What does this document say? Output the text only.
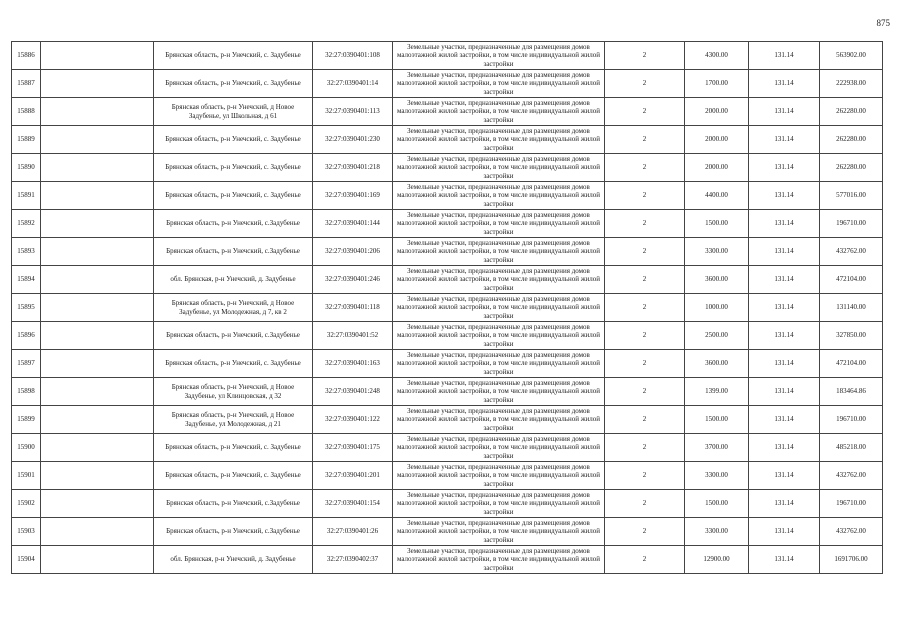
875
15886		Брянская область, р-н Унечский, с. Задубенье	32:27:0390401:108	Земельные участки, предназначенные для размещения домов малоэтажной жилой застройки, в том числе индивидуальной жилой застройки	2	4300.00	131.14	563902.00
15887		Брянская область, р-н Унечский, с. Задубенье	32:27:0390401:14	Земельные участки, предназначенные для размещения домов малоэтажной жилой застройки, в том числе индивидуальной жилой застройки	2	1700.00	131.14	222938.00
15888		Брянская область, р-н Унечский, д Новое Задубенье, ул Школьная, д 61	32:27:0390401:113	Земельные участки, предназначенные для размещения домов малоэтажной жилой застройки, в том числе индивидуальной жилой застройки	2	2000.00	131.14	262280.00
15889		Брянская область, р-н Унечский, с. Задубенье	32:27:0390401:230	Земельные участки, предназначенные для размещения домов малоэтажной жилой застройки, в том числе индивидуальной жилой застройки	2	2000.00	131.14	262280.00
15890		Брянская область, р-н Унечский, с. Задубенье	32:27:0390401:218	Земельные участки, предназначенные для размещения домов малоэтажной жилой застройки, в том числе индивидуальной жилой застройки	2	2000.00	131.14	262280.00
15891		Брянская область, р-н Унечский, с. Задубенье	32:27:0390401:169	Земельные участки, предназначенные для размещения домов малоэтажной жилой застройки, в том числе индивидуальной жилой застройки	2	4400.00	131.14	577016.00
15892		Брянская область, р-н Унечский, с.Задубенье	32:27:0390401:144	Земельные участки, предназначенные для размещения домов малоэтажной жилой застройки, в том числе индивидуальной жилой застройки	2	1500.00	131.14	196710.00
15893		Брянская область, р-н Унечский, с.Задубенье	32:27:0390401:206	Земельные участки, предназначенные для размещения домов малоэтажной жилой застройки, в том числе индивидуальной жилой застройки	2	3300.00	131.14	432762.00
15894		обл. Брянская, р-н Унечский, д. Задубенье	32:27:0390401:246	Земельные участки, предназначенные для размещения домов малоэтажной жилой застройки, в том числе индивидуальной жилой застройки	2	3600.00	131.14	472104.00
15895		Брянская область, р-н Унечский, д Новое Задубенье, ул Молодежная, д 7, кв 2	32:27:0390401:118	Земельные участки, предназначенные для размещения домов малоэтажной жилой застройки, в том числе индивидуальной жилой застройки	2	1000.00	131.14	131140.00
15896		Брянская область, р-н Унечский, с.Задубенье	32:27:0390401:52	Земельные участки, предназначенные для размещения домов малоэтажной жилой застройки, в том числе индивидуальной жилой застройки	2	2500.00	131.14	327850.00
15897		Брянская область, р-н Унечский, с. Задубенье	32:27:0390401:163	Земельные участки, предназначенные для размещения домов малоэтажной жилой застройки, в том числе индивидуальной жилой застройки	2	3600.00	131.14	472104.00
15898		Брянская область, р-н Унечский, д Новое Задубенье, ул Клинцовская, д 32	32:27:0390401:248	Земельные участки, предназначенные для размещения домов малоэтажной жилой застройки, в том числе индивидуальной жилой застройки	2	1399.00	131.14	183464.86
15899		Брянская область, р-н Унечский, д Новое Задубенье, ул Молодежная, д 21	32:27:0390401:122	Земельные участки, предназначенные для размещения домов малоэтажной жилой застройки, в том числе индивидуальной жилой застройки	2	1500.00	131.14	196710.00
15900		Брянская область, р-н Унечский, с. Задубенье	32:27:0390401:175	Земельные участки, предназначенные для размещения домов малоэтажной жилой застройки, в том числе индивидуальной жилой застройки	2	3700.00	131.14	485218.00
15901		Брянская область, р-н Унечский, с. Задубенье	32:27:0390401:201	Земельные участки, предназначенные для размещения домов малоэтажной жилой застройки, в том числе индивидуальной жилой застройки	2	3300.00	131.14	432762.00
15902		Брянская область, р-н Унечский, с.Задубенье	32:27:0390401:154	Земельные участки, предназначенные для размещения домов малоэтажной жилой застройки, в том числе индивидуальной жилой застройки	2	1500.00	131.14	196710.00
15903		Брянская область, р-н Унечский, с.Задубенье	32:27:0390401:26	Земельные участки, предназначенные для размещения домов малоэтажной жилой застройки, в том числе индивидуальной жилой застройки	2	3300.00	131.14	432762.00
15904		обл. Брянская, р-н Унечский, д. Задубенье	32:27:0390402:37	Земельные участки, предназначенные для размещения домов малоэтажной жилой застройки, в том числе индивидуальной жилой застройки	2	12900.00	131.14	1691706.00
